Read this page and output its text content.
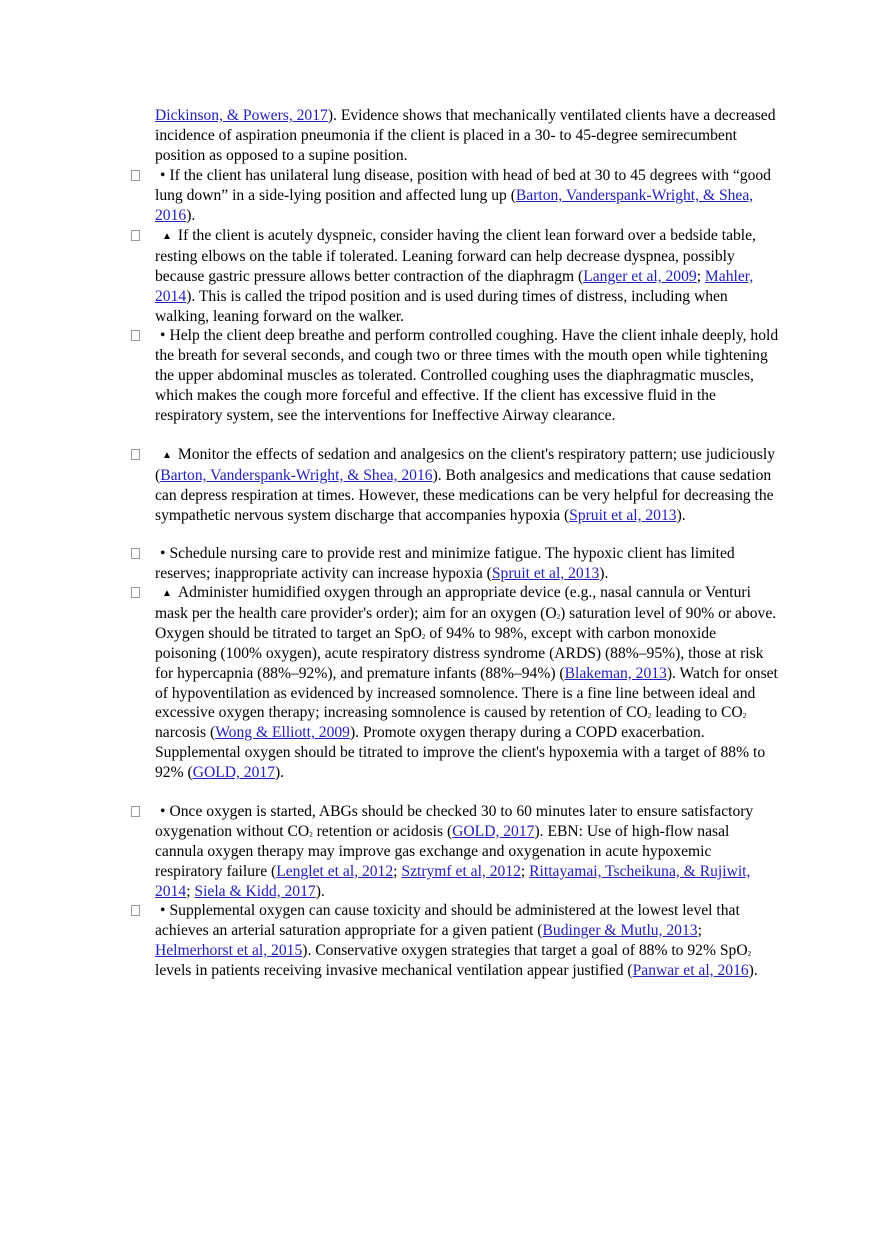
Dickinson, & Powers, 2017). Evidence shows that mechanically ventilated clients have a decreased incidence of aspiration pneumonia if the client is placed in a 30- to 45-degree semirecumbent position as opposed to a supine position.
• If the client has unilateral lung disease, position with head of bed at 30 to 45 degrees with “good lung down” in a side-lying position and affected lung up (Barton, Vanderspank-Wright, & Shea, 2016).
▲ If the client is acutely dyspneic, consider having the client lean forward over a bedside table, resting elbows on the table if tolerated. Leaning forward can help decrease dyspnea, possibly because gastric pressure allows better contraction of the diaphragm (Langer et al, 2009; Mahler, 2014). This is called the tripod position and is used during times of distress, including when walking, leaning forward on the walker.
• Help the client deep breathe and perform controlled coughing. Have the client inhale deeply, hold the breath for several seconds, and cough two or three times with the mouth open while tightening the upper abdominal muscles as tolerated. Controlled coughing uses the diaphragmatic muscles, which makes the cough more forceful and effective. If the client has excessive fluid in the respiratory system, see the interventions for Ineffective Airway clearance.
▲ Monitor the effects of sedation and analgesics on the client's respiratory pattern; use judiciously (Barton, Vanderspank-Wright, & Shea, 2016). Both analgesics and medications that cause sedation can depress respiration at times. However, these medications can be very helpful for decreasing the sympathetic nervous system discharge that accompanies hypoxia (Spruit et al, 2013).
• Schedule nursing care to provide rest and minimize fatigue. The hypoxic client has limited reserves; inappropriate activity can increase hypoxia (Spruit et al, 2013).
▲ Administer humidified oxygen through an appropriate device (e.g., nasal cannula or Venturi mask per the health care provider's order); aim for an oxygen $(O_2)$ saturation level of 90% or above. Oxygen should be titrated to target an SpO$_2$ of 94% to 98%, except with carbon monoxide poisoning (100% oxygen), acute respiratory distress syndrome (ARDS) (88%–95%), those at risk for hypercapnia (88%–92%), and premature infants (88%–94%) (Blakeman, 2013). Watch for onset of hypoventilation as evidenced by increased somnolence. There is a fine line between ideal and excessive oxygen therapy; increasing somnolence is caused by retention of $CO_2$ leading to $CO_2$ narcosis (Wong & Elliott, 2009). Promote oxygen therapy during a COPD exacerbation. Supplemental oxygen should be titrated to improve the client's hypoxemia with a target of 88% to 92% (GOLD, 2017).
• Once oxygen is started, ABGs should be checked 30 to 60 minutes later to ensure satisfactory oxygenation without $CO_2$ retention or acidosis (GOLD, 2017). EBN: Use of high-flow nasal cannula oxygen therapy may improve gas exchange and oxygenation in acute hypoxemic respiratory failure (Lenglet et al, 2012; Sztrymf et al, 2012; Rittayamai, Tscheikuna, & Rujiwit, 2014; Siela & Kidd, 2017).
• Supplemental oxygen can cause toxicity and should be administered at the lowest level that achieves an arterial saturation appropriate for a given patient (Budinger & Mutlu, 2013; Helmerhorst et al, 2015). Conservative oxygen strategies that target a goal of 88% to 92% SpO$_2$ levels in patients receiving invasive mechanical ventilation appear justified (Panwar et al, 2016).
